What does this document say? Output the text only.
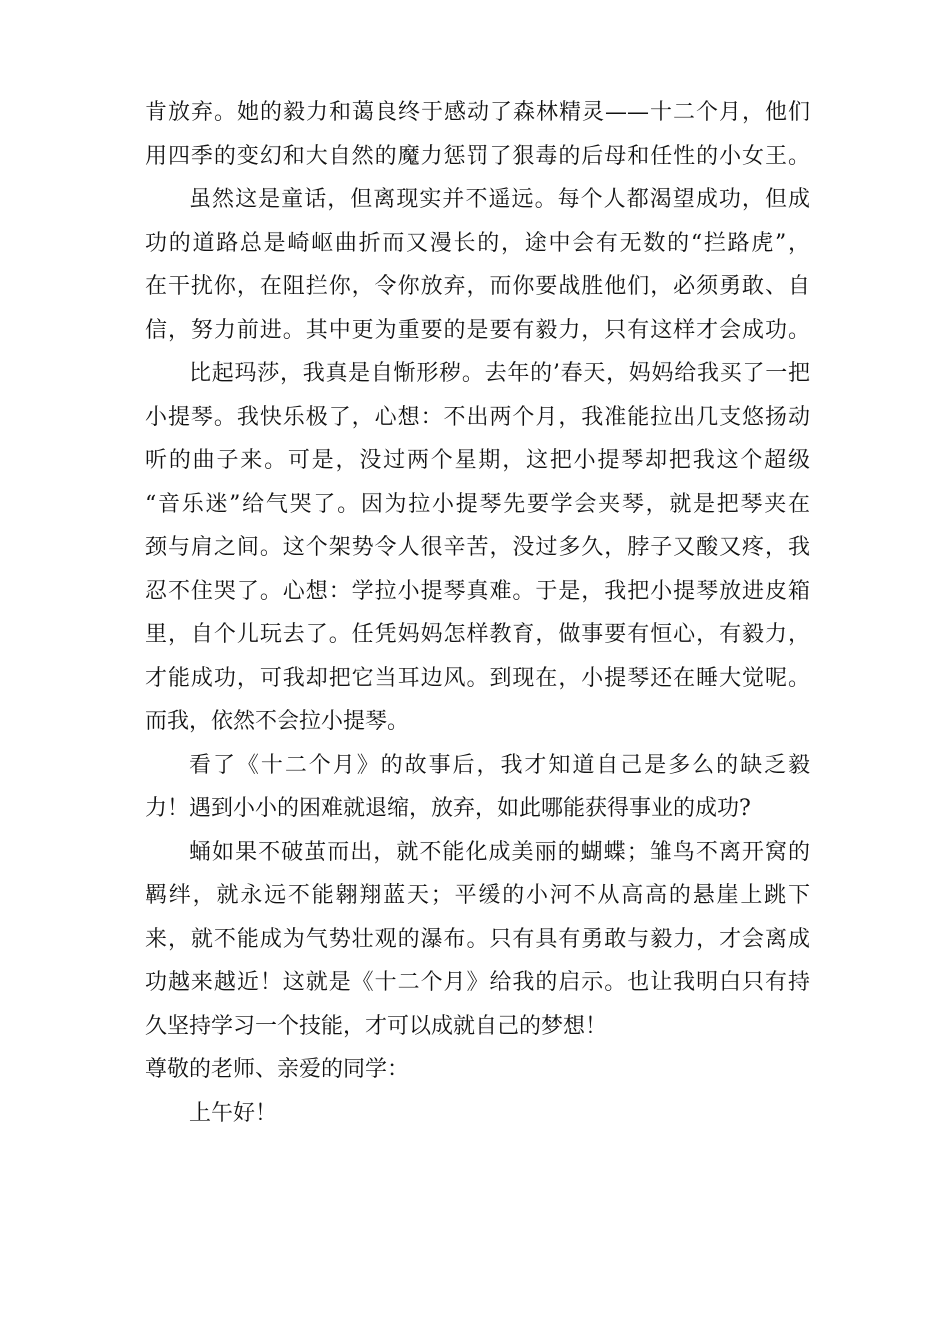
肯放弃。她的毅力和蔼良终于感动了森林精灵——十二个月，他们
用四季的变幻和大自然的魔力惩罚了狠毒的后母和任性的小女王。
虽然这是童话，但离现实并不遥远。每个人都渴望成功，但成
功的道路总是崎岖曲折而又漫长的，途中会有无数的“拦路虎”，
在干扰你，在阻拦你，令你放弃，而你要战胜他们，必须勇敢、自
信，努力前进。其中更为重要的是要有毅力，只有这样才会成功。
比起玛莎，我真是自惭形秽。去年的’春天，妈妈给我买了一把
小提琴。我快乐极了，心想：不出两个月，我准能拉出几支悠扬动
听的曲子来。可是，没过两个星期，这把小提琴却把我这个超级
“音乐迷”给气哭了。因为拉小提琴先要学会夹琴，就是把琴夹在
颈与肩之间。这个架势令人很辛苦，没过多久，脖子又酸又疼，我
忍不住哭了。心想：学拉小提琴真难。于是，我把小提琴放进皮箱
里，自个儿玩去了。任凭妈妈怎样教育，做事要有恒心，有毅力，
才能成功，可我却把它当耳边风。到现在，小提琴还在睡大觉呢。
而我，依然不会拉小提琴。
看了《十二个月》的故事后，我才知道自己是多么的缺乏毅
力！遇到小小的困难就退缩，放弃，如此哪能获得事业的成功?
蛹如果不破茧而出，就不能化成美丽的蝴蝶；雏鸟不离开窝的
羁绊，就永远不能翱翔蓝天；平缓的小河不从高高的悬崖上跳下
来，就不能成为气势壮观的瀑布。只有具有勇敢与毅力，才会离成
功越来越近！这就是《十二个月》给我的启示。也让我明白只有持
久坚持学习一个技能，才可以成就自己的梦想！
尊敬的老师、亲爱的同学：
上午好！
